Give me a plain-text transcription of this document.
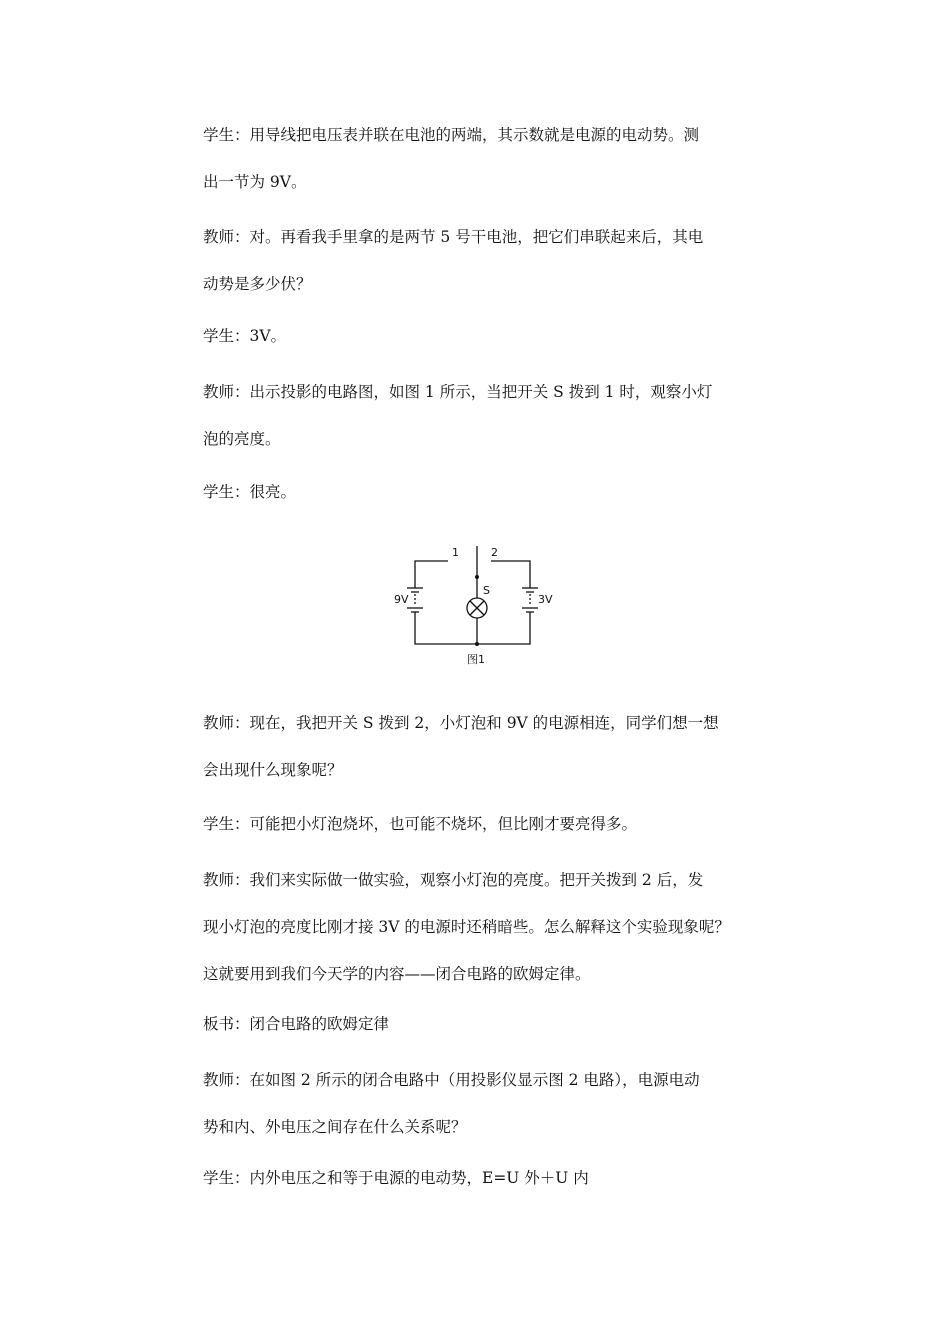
学生：用导线把电压表并联在电池的两端，其示数就是电源的电动势。测
出一节为 9V。
教师：对。再看我手里拿的是两节 5 号干电池，把它们串联起来后，其电
动势是多少伏？
学生：3V。
教师：出示投影的电路图，如图 1 所示，当把开关 S 拨到 1 时，观察小灯
泡的亮度。
学生：很亮。
1	2
S
9V	3V
图1
教师：现在，我把开关 S 拨到 2，小灯泡和 9V 的电源相连，同学们想一想
会出现什么现象呢？
学生：可能把小灯泡烧坏，也可能不烧坏，但比刚才要亮得多。
教师：我们来实际做一做实验，观察小灯泡的亮度。把开关拨到 2 后，发
现小灯泡的亮度比刚才接 3V 的电源时还稍暗些。怎么解释这个实验现象呢？
这就要用到我们今天学的内容——闭合电路的欧姆定律。
板书：闭合电路的欧姆定律
教师：在如图 2 所示的闭合电路中（用投影仪显示图 2 电路），电源电动
势和内、外电压之间存在什么关系呢？
学生：内外电压之和等于电源的电动势，E=U 外＋U 内
